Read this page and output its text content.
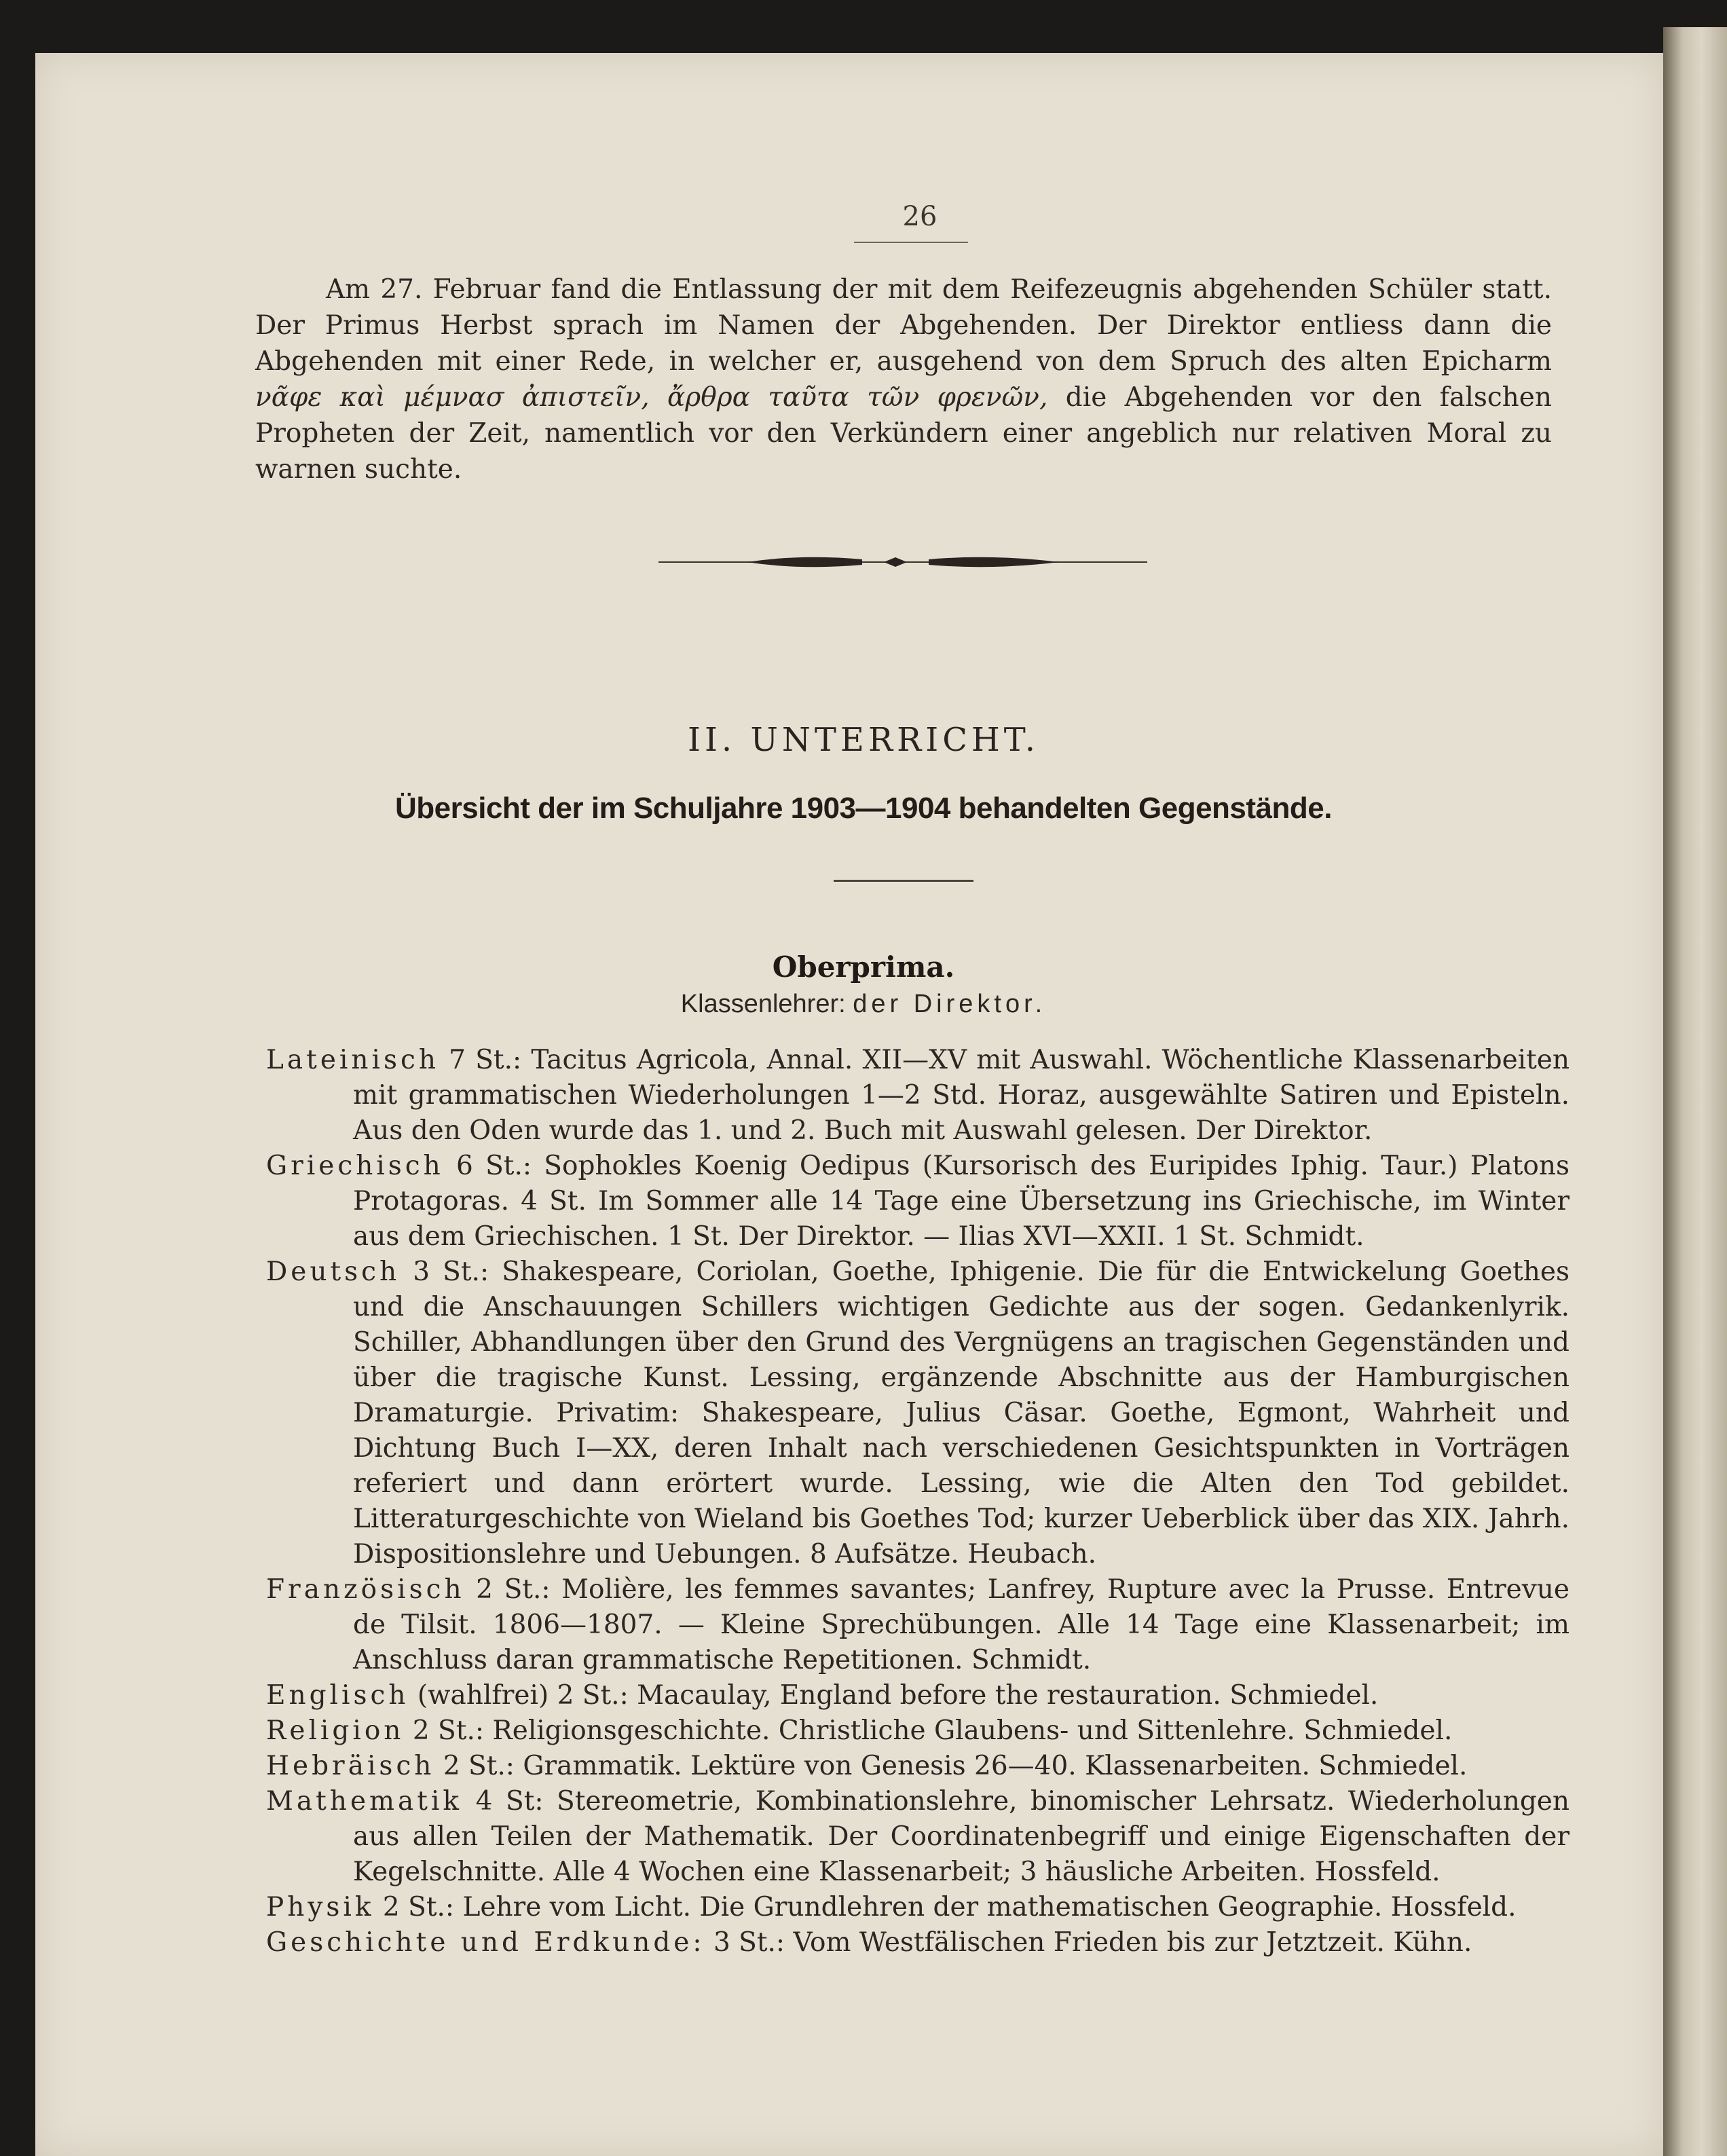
26

Am 27. Februar fand die Entlassung der mit dem Reifezeugnis abgehenden Schüler statt. Der Primus Herbst sprach im Namen der Abgehenden. Der Direktor entliess dann die Abgehenden mit einer Rede, in welcher er, ausgehend von dem Spruch des alten Epicharm νᾶφε καὶ μέμνασ ἀπιστεῖν, ἄρθρα ταῦτα τῶν φρενῶν, die Abgehenden vor den falschen Propheten der Zeit, namentlich vor den Verkündern einer angeblich nur relativen Moral zu warnen suchte.

II. UNTERRICHT.
Übersicht der im Schuljahre 1903—1904 behandelten Gegenstände.
Oberprima.
Klassenlehrer: der Direktor.
Lateinisch 7 St.: Tacitus Agricola, Annal. XII—XV mit Auswahl. Wöchentliche Klassenarbeiten mit grammatischen Wiederholungen 1—2 Std. Horaz, ausgewählte Satiren und Episteln. Aus den Oden wurde das 1. und 2. Buch mit Auswahl gelesen. Der Direktor.
Griechisch 6 St.: Sophokles Koenig Oedipus (Kursorisch des Euripides Iphig. Taur.) Platons Protagoras. 4 St. Im Sommer alle 14 Tage eine Übersetzung ins Griechische, im Winter aus dem Griechischen. 1 St. Der Direktor. — Ilias XVI—XXII. 1 St. Schmidt.
Deutsch 3 St.: Shakespeare, Coriolan, Goethe, Iphigenie. Die für die Entwickelung Goethes und die Anschauungen Schillers wichtigen Gedichte aus der sogen. Gedankenlyrik. Schiller, Abhandlungen über den Grund des Vergnügens an tragischen Gegenständen und über die tragische Kunst. Lessing, ergänzende Abschnitte aus der Hamburgischen Dramaturgie. Privatim: Shakespeare, Julius Cäsar. Goethe, Egmont, Wahrheit und Dichtung Buch I—XX, deren Inhalt nach verschiedenen Gesichtspunkten in Vorträgen referiert und dann erörtert wurde. Lessing, wie die Alten den Tod gebildet. Litteraturgeschichte von Wieland bis Goethes Tod; kurzer Ueberblick über das XIX. Jahrh. Dispositionslehre und Uebungen. 8 Aufsätze. Heubach.
Französisch 2 St.: Molière, les femmes savantes; Lanfrey, Rupture avec la Prusse. Entrevue de Tilsit. 1806—1807. — Kleine Sprechübungen. Alle 14 Tage eine Klassenarbeit; im Anschluss daran grammatische Repetitionen. Schmidt.
Englisch (wahlfrei) 2 St.: Macaulay, England before the restauration. Schmiedel.
Religion 2 St.: Religionsgeschichte. Christliche Glaubens- und Sittenlehre. Schmiedel.
Hebräisch 2 St.: Grammatik. Lektüre von Genesis 26—40. Klassenarbeiten. Schmiedel.
Mathematik 4 St: Stereometrie, Kombinationslehre, binomischer Lehrsatz. Wiederholungen aus allen Teilen der Mathematik. Der Coordinatenbegriff und einige Eigenschaften der Kegelschnitte. Alle 4 Wochen eine Klassenarbeit; 3 häusliche Arbeiten. Hossfeld.
Physik 2 St.: Lehre vom Licht. Die Grundlehren der mathematischen Geographie. Hossfeld.
Geschichte und Erdkunde: 3 St.: Vom Westfälischen Frieden bis zur Jetztzeit. Kühn.
